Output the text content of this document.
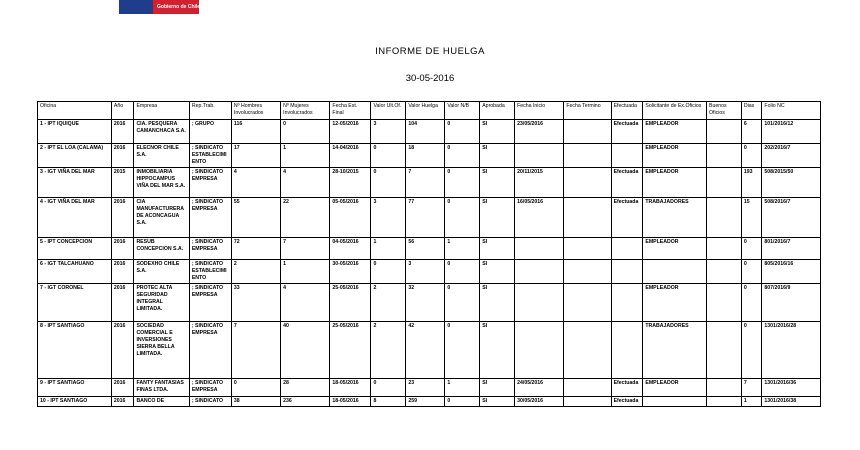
Gobierno de Chile
INFORME DE HUELGA
30-05-2016
Oficina	Año	Empresa	Rep.Trab.	Nº Hombres Involucrados	Nº Mujeres Involucrados	Fecha Est. Final	Valor Ult.Of.	Valor Huelga	Valor N/B	Aprobada	Fecha Inicio	Fecha Termino	Efectuada	Solicitante de Ex.Oficios	Buenos Oficios	Dias	Folio NC
1 - IPT IQUIQUE	2016	CIA. PESQUERA CAMANCHACA S.A.	; GRUPO	116	0	12-05/2016	3	104	0	SI	23/05/2016		Efectuada	EMPLEADOR		6	101/2016/12
2 - IPT EL LOA (CALAMA)	2016	ELECNOR CHILE S.A.	; SINDICATO ESTABLECIMIENTO	17	1	14-04/2016	0	18	0	SI				EMPLEADOR		0	202/2016/7
3 - IGT VIÑA DEL MAR	2015	INMOBILIARIA HIPPOCAMPUS VIÑA DEL MAR S.A.	; SINDICATO EMPRESA	4	4	28-10/2015	0	7	0	SI	20/11/2015		Efectuada	EMPLEADOR		193	508/2015/50
4 - IGT VIÑA DEL MAR	2016	CIA MANUFACTURERA DE ACONCAGUA S.A.	; SINDICATO EMPRESA	55	22	05-05/2016	3	77	0	SI	16/05/2016		Efectuada	TRABAJADORES		15	508/2016/7
5 - IPT CONCEPCION	2016	RESUB CONCEPCION S.A.	; SINDICATO EMPRESA	72	7	04-05/2016	1	56	1	SI				EMPLEADOR		0	801/2016/7
6 - IGT TALCAHUANO	2016	SODEXHO CHILE S.A.	; SINDICATO ESTABLECIMIENTO	2	1	30-05/2016	0	3	0	SI						0	805/2016/16
7 - IGT CORONEL	2016	PROTEC ALTA SEGURIDAD INTEGRAL LIMITADA.	; SINDICATO EMPRESA	33	4	25-05/2016	2	32	0	SI				EMPLEADOR		0	807/2016/9
8 - IPT SANTIAGO	2016	SOCIEDAD COMERCIAL E INVERSIONES SIERRA BELLA LIMITADA.	; SINDICATO EMPRESA	7	40	25-05/2016	2	42	0	SI				TRABAJADORES		0	1301/2016/28
9 - IPT SANTIAGO	2016	FANTY FANTASIAS FINAS LTDA.	; SINDICATO EMPRESA	0	28	18-05/2016	0	23	1	SI	24/05/2016		Efectuada	EMPLEADOR		7	1301/2016/36
10 - IPT SANTIAGO	2016	BANCO DE	; SINDICATO	38	236	18-05/2016	8	259	0	SI	30/05/2016		Efectuada			1	1301/2016/38
